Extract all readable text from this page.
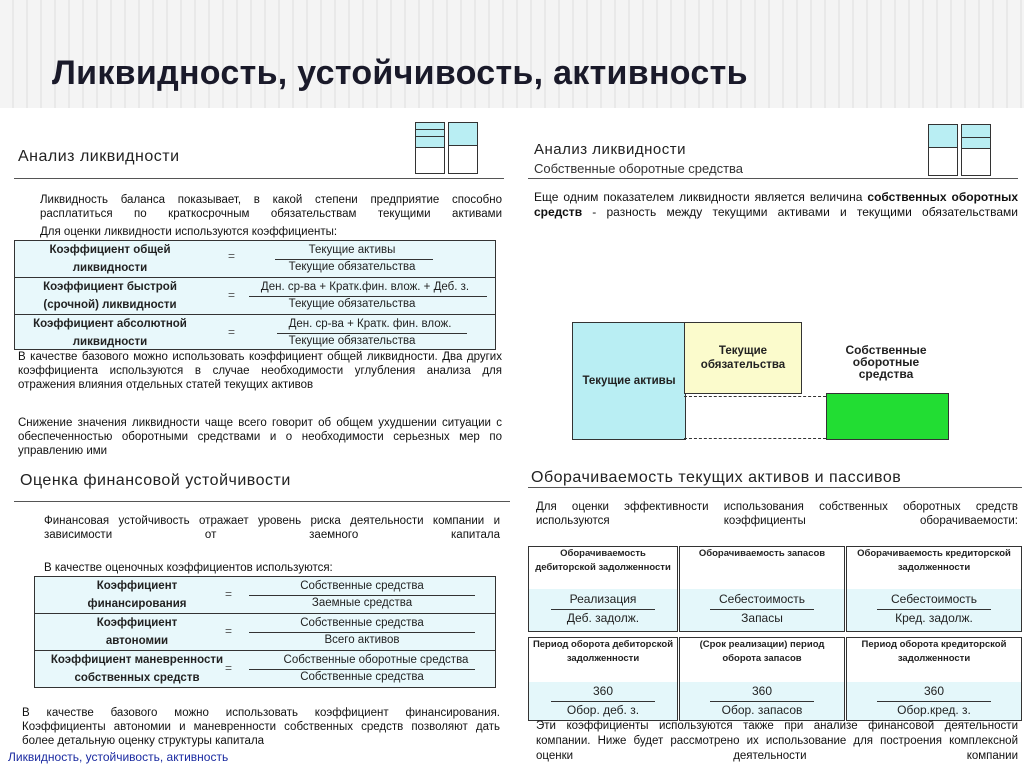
Ликвидность, устойчивость, активность
Анализ ликвидности
Ликвидность баланса показывает, в какой степени предприятие способно расплатиться по краткосрочным обязательствам текущими активами
Для оценки ликвидности используются коэффициенты:
Коэффициент общей
ликвидности
=	Текущие активы
Текущие обязательства
Коэффициент быстрой
(срочной) ликвидности
=
Ден. ср-ва + Кратк.фин. влож. + Деб. з.
Текущие обязательства
Коэффициент абсолютной
ликвидности
=
Ден. ср-ва + Кратк. фин. влож.
Текущие обязательства
В качестве базового можно использовать коэффициент общей ликвидности. Два других коэффициента используются в случае необходимости углубления анализа для отражения влияния отдельных статей текущих активов
Снижение значения ликвидности чаще всего говорит об общем ухудшении ситуации с обеспеченностью оборотными средствами и о необходимости серьезных мер по управлению ими
Оценка финансовой устойчивости
Финансовая устойчивость отражает уровень риска деятельности компании и зависимости от заемного капитала
В качестве оценочных коэффициентов используются:
Коэффициент
финансирования
=
Собственные средства
Заемные средства
Коэффициент
автономии
=
Собственные средства
Всего активов
Коэффициент маневренности
собственных средств
=
Собственные оборотные средства
Собственные средства
В качестве базового можно использовать коэффициент финансирования. Коэффициенты автономии и маневренности собственных средств позволяют дать более детальную оценку структуры капитала
Анализ ликвидности
Собственные оборотные средства
Еще одним показателем ликвидности является величина собственных оборотных средств - разность между текущими активами и текущими обязательствами
Текущие активы
Текущие обязательства
Собственные оборотные средства
Оборачиваемость текущих активов и пассивов
Для оценки эффективности использования собственных оборотных средств используются коэффициенты оборачиваемости:
Оборачиваемость дебиторской задолженности
Реализация
Деб. задолж.
Оборачиваемость запасов
Себестоимость
Запасы
Оборачиваемость кредиторской задолженности
Себестоимость
Кред. задолж.
Период оборота дебиторской задолженности
360
Обор. деб. з.
(Срок реализации) период оборота запасов
360
Обор. запасов
Период оборота кредиторской задолженности
360
Обор.кред. з.
Эти коэффициенты используются также при анализе финансовой деятельности компании. Ниже будет рассмотрено их использование для построения комплексной оценки деятельности компании
Ликвидность, устойчивость, активность
